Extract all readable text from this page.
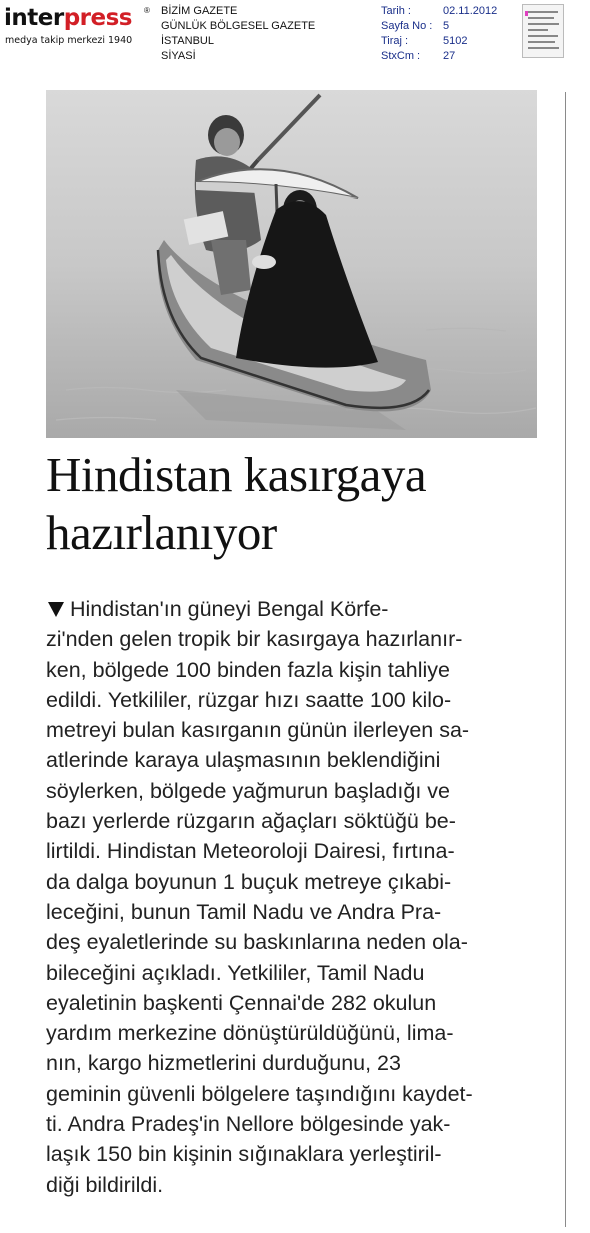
interpress ®
medya takip merkezi 1940
BİZİM GAZETE
GÜNLÜK BÖLGESEL GAZETE
İSTANBUL
SİYASİ
Tarih :	02.11.2012
Sayfa No : 5
Tiraj :	5102
StxCm :	27
Hindistan kasırgaya
hazırlanıyor
Hindistan'ın güneyi Bengal Körfe-
zi'nden gelen tropik bir kasırgaya hazırlanır-
ken, bölgede 100 binden fazla kişin tahliye
edildi. Yetkililer, rüzgar hızı saatte 100 kilo-
metreyi bulan kasırganın günün ilerleyen sa-
atlerinde karaya ulaşmasının beklendiğini
söylerken, bölgede yağmurun başladığı ve
bazı yerlerde rüzgarın ağaçları söktüğü be-
lirtildi. Hindistan Meteoroloji Dairesi, fırtına-
da dalga boyunun 1 buçuk metreye çıkabi-
leceğini, bunun Tamil Nadu ve Andra Pra-
deş eyaletlerinde su baskınlarına neden ola-
bileceğini açıkladı. Yetkililer, Tamil Nadu
eyaletinin başkenti Çennai'de 282 okulun
yardım merkezine dönüştürüldüğünü, lima-
nın, kargo hizmetlerini durduğunu, 23
geminin güvenli bölgelere taşındığını kaydet-
ti. Andra Pradeş'in Nellore bölgesinde yak-
laşık 150 bin kişinin sığınaklara yerleştiril-
diği bildirildi.
